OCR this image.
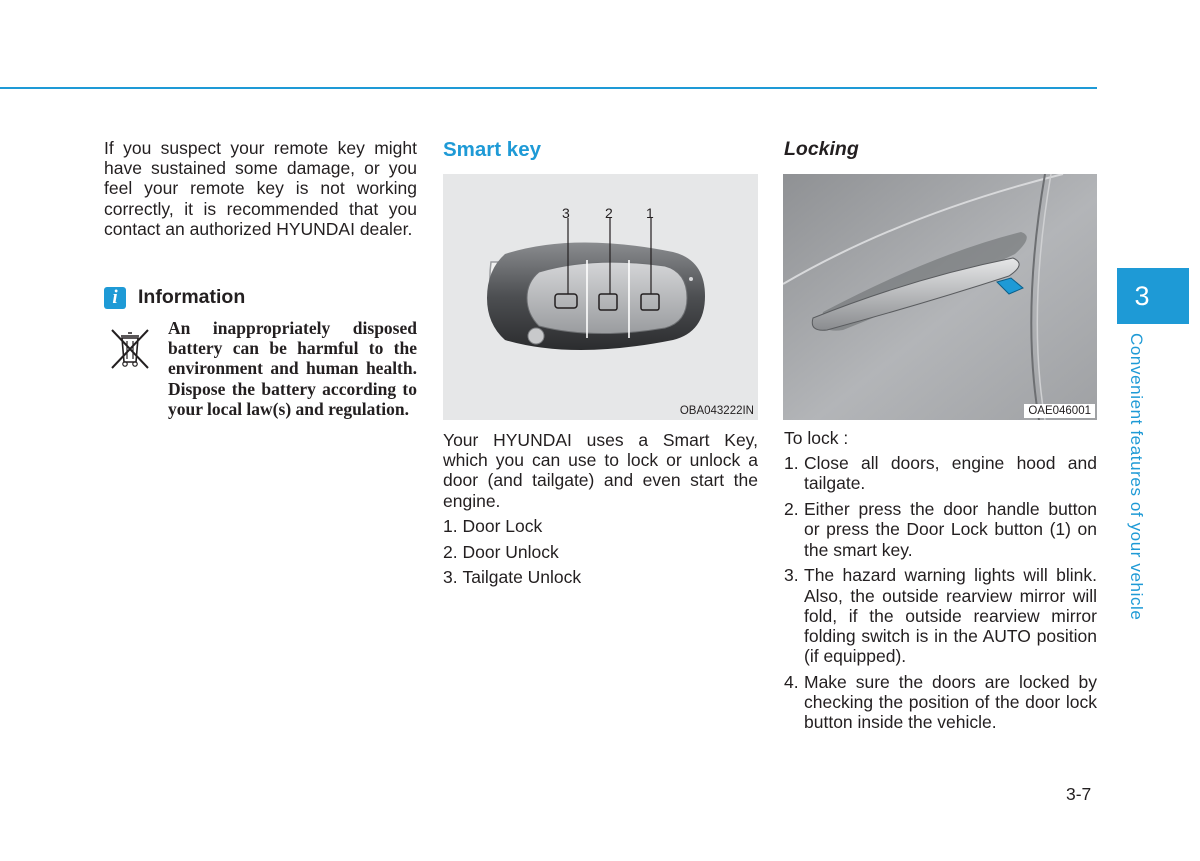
If you suspect your remote key might have sustained some damage, or you feel your remote key is not working correctly, it is recommended that you contact an authorized HYUNDAI dealer.

i	Information

An inappropriately disposed battery can be harmful to the environment and human health. Dispose the battery according to your local law(s) and regulation.

Smart key
3	2 1
OBA043222IN

Your HYUNDAI uses a Smart Key, which you can use to lock or unlock a door (and tailgate) and even start the engine.

1.
Door Lock
2.
Door Unlock
3.
Tailgate Unlock
Locking
OAE046001

To lock :

1. Close all doors, engine hood and tailgate.
2. Either press the door handle button or press the Door Lock button (1) on the smart key.
3. The hazard warning lights will blink. Also, the outside rearview mirror will fold, if the outside rearview mirror folding switch is in the AUTO position (if equipped).
4. Make sure the doors are locked by checking the position of the door lock button inside the vehicle.
3
Convenient features of your vehicle
3-7
